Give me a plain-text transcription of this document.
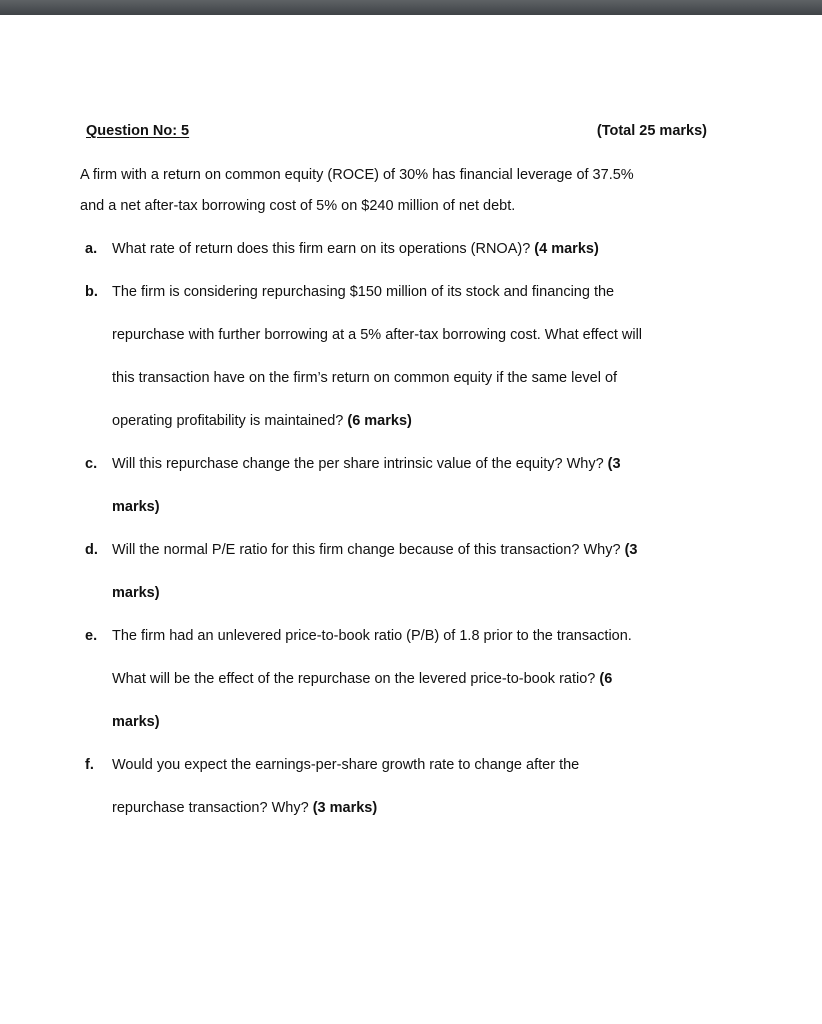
Question No: 5	(Total 25 marks)

A firm with a return on common equity (ROCE) of 30% has financial leverage of 37.5%

and a net after-tax borrowing cost of 5% on $240 million of net debt.

a. What rate of return does this firm earn on its operations (RNOA)? (4 marks)
b. The firm is considering repurchasing $150 million of its stock and financing the
repurchase with further borrowing at a 5% after-tax borrowing cost. What effect will
this transaction have on the firm’s return on common equity if the same level of
operating profitability is maintained? (6 marks)
c. Will this repurchase change the per share intrinsic value of the equity? Why? (3
marks)
d. Will the normal P/E ratio for this firm change because of this transaction? Why? (3
marks)
e. The firm had an unlevered price-to-book ratio (P/B) of 1.8 prior to the transaction.
What will be the effect of the repurchase on the levered price-to-book ratio? (6
marks)
f. Would you expect the earnings-per-share growth rate to change after the
repurchase transaction? Why? (3 marks)
